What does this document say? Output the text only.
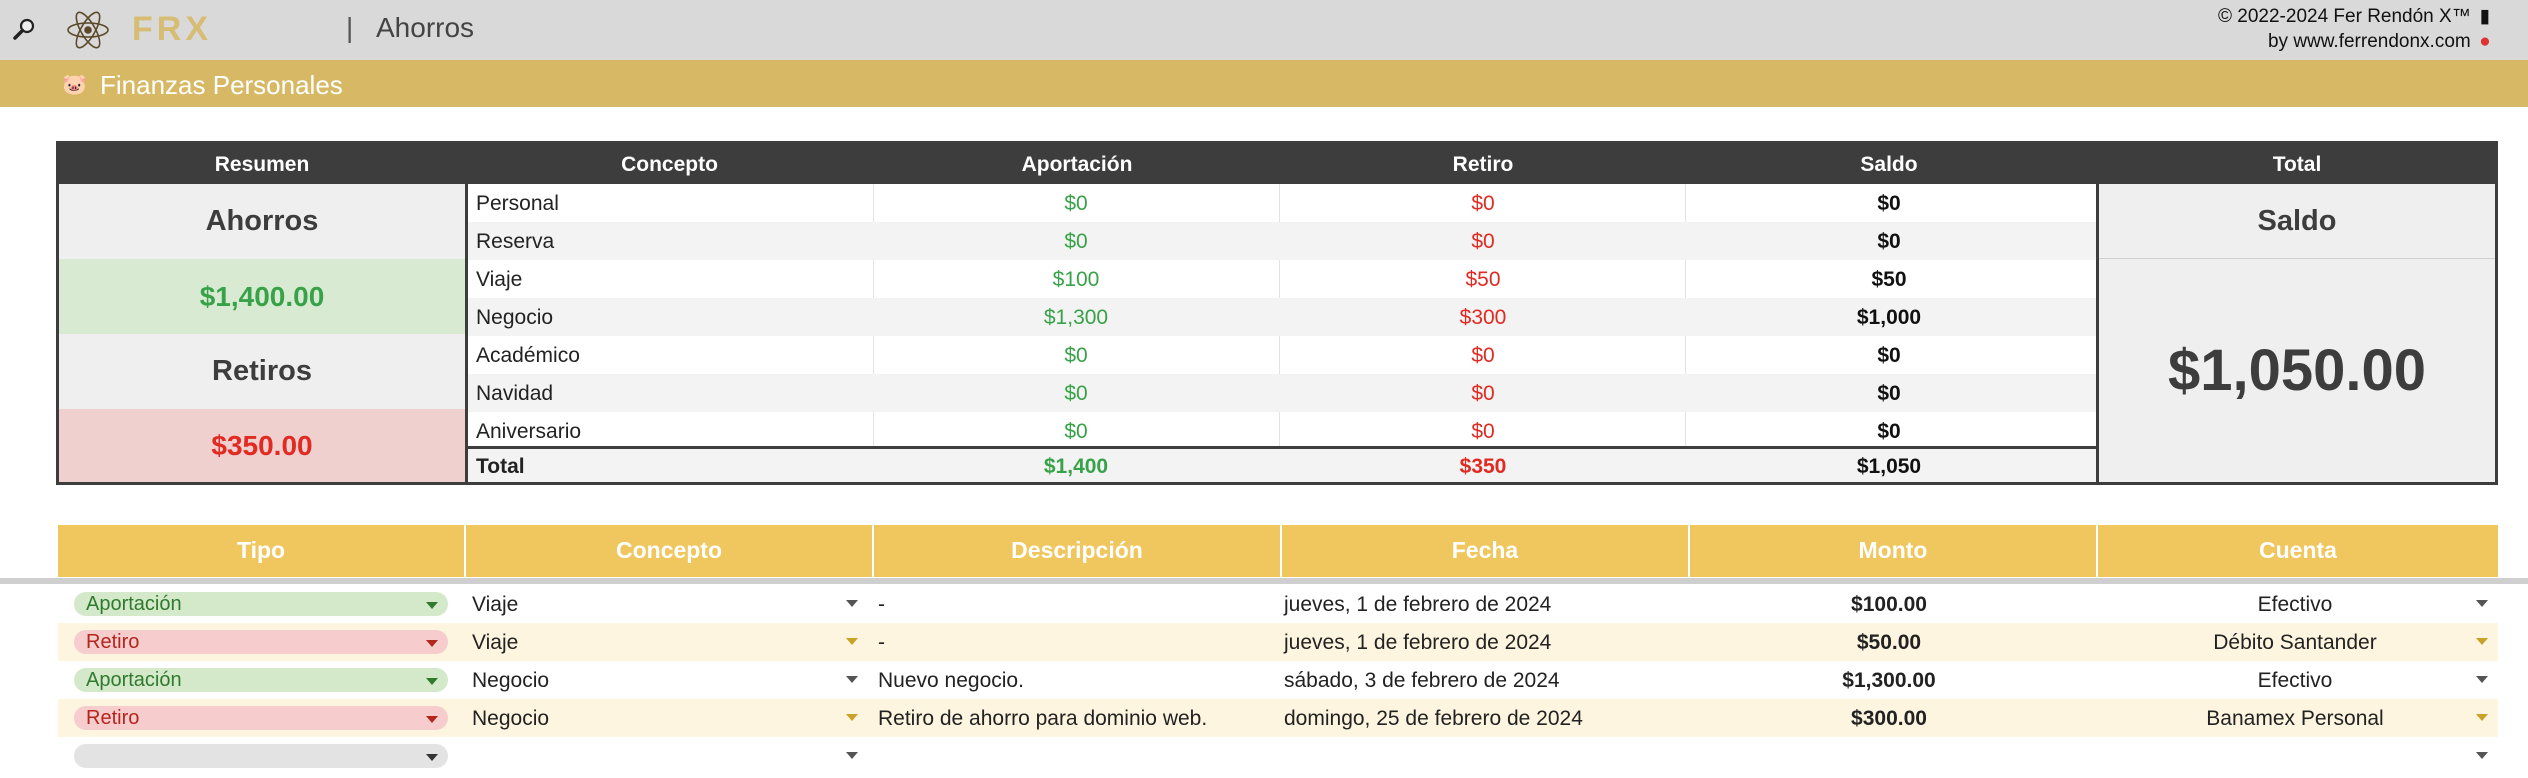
FRX	| Ahorros	© 2022-2024 Fer Rendón X™ ▮
by www.ferrendonx.com ●
🐷 Finanzas Personales
Resumen	Concepto	Aportación	Retiro	Saldo	Total
Ahorros
$1,400.00
Retiros
$350.00
Personal	$0	$0	$0
Reserva	$0	$0	$0
Viaje	$100	$50	$50
Negocio	$1,300	$300	$1,000
Académico	$0	$0	$0
Navidad	$0	$0	$0
Aniversario	$0	$0	$0
Total	$1,400	$350	$1,050
Saldo
$1,050.00
Tipo	Concepto	Descripción	Fecha	Monto	Cuenta
Aportación	Viaje	-	jueves, 1 de febrero de 2024	$100.00	Efectivo
Retiro	Viaje	-	jueves, 1 de febrero de 2024	$50.00	Débito Santander
Aportación	Negocio	Nuevo negocio.	sábado, 3 de febrero de 2024	$1,300.00	Efectivo
Retiro	Negocio	Retiro de ahorro para dominio web.	domingo, 25 de febrero de 2024	$300.00	Banamex Personal
